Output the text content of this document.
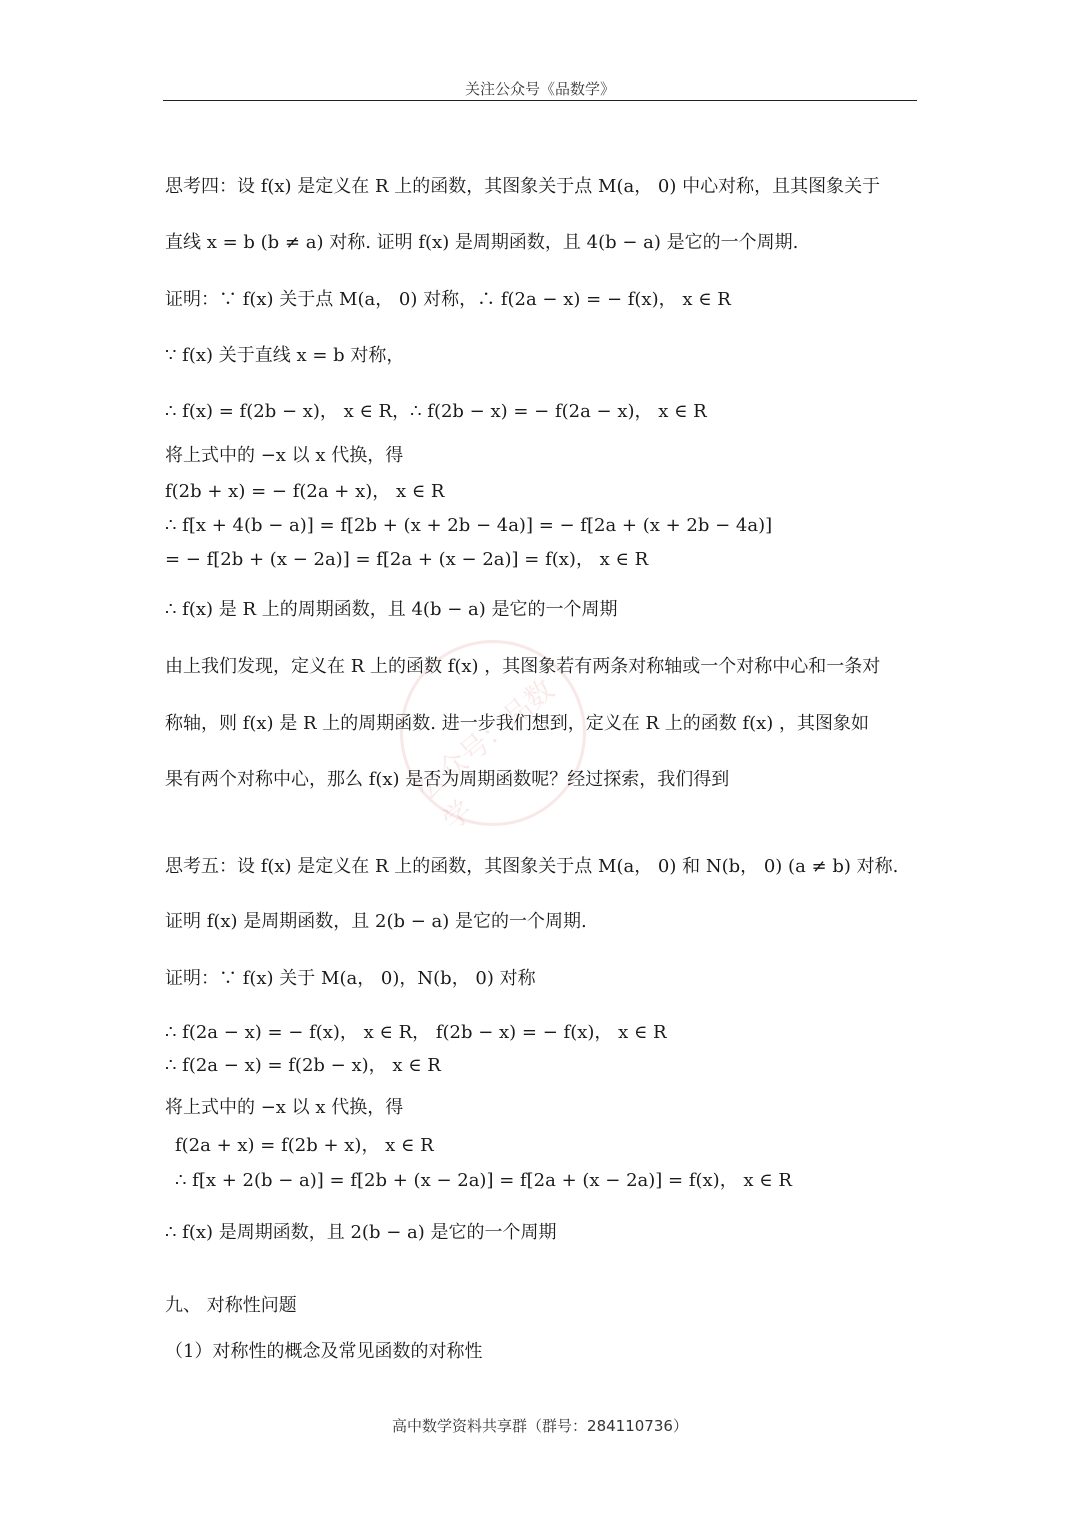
关注公众号《品数学》
公众号：品数学
思考四：设 f(x) 是定义在 R 上的函数，其图象关于点 M(a， 0) 中心对称，且其图象关于
直线 x = b (b ≠ a) 对称. 证明 f(x) 是周期函数，且 4(b − a) 是它的一个周期.
证明：∵ f(x) 关于点 M(a， 0) 对称，∴ f(2a − x) = − f(x)， x ∈ R
∵ f(x) 关于直线 x = b 对称，
∴ f(x) = f(2b − x)， x ∈ R，∴ f(2b − x) = − f(2a − x)， x ∈ R
将上式中的 −x 以 x 代换，得
f(2b + x) = − f(2a + x)， x ∈ R
∴ f[x + 4(b − a)] = f[2b + (x + 2b − 4a)] = − f[2a + (x + 2b − 4a)]
= − f[2b + (x − 2a)] = f[2a + (x − 2a)] = f(x)， x ∈ R
∴ f(x) 是 R 上的周期函数，且 4(b − a) 是它的一个周期
由上我们发现，定义在 R 上的函数 f(x) ，其图象若有两条对称轴或一个对称中心和一条对
称轴，则 f(x) 是 R 上的周期函数. 进一步我们想到，定义在 R 上的函数 f(x) ，其图象如
果有两个对称中心，那么 f(x) 是否为周期函数呢？经过探索，我们得到
思考五：设 f(x) 是定义在 R 上的函数，其图象关于点 M(a， 0) 和 N(b， 0) (a ≠ b) 对称.
证明 f(x) 是周期函数，且 2(b − a) 是它的一个周期.
证明：∵ f(x) 关于 M(a， 0)，N(b， 0) 对称
∴ f(2a − x) = − f(x)， x ∈ R， f(2b − x) = − f(x)， x ∈ R
∴ f(2a − x) = f(2b − x)， x ∈ R
将上式中的 −x 以 x 代换，得
f(2a + x) = f(2b + x)， x ∈ R
∴ f[x + 2(b − a)] = f[2b + (x − 2a)] = f[2a + (x − 2a)] = f(x)， x ∈ R
∴ f(x) 是周期函数，且 2(b − a) 是它的一个周期
九、 对称性问题
（1）对称性的概念及常见函数的对称性
高中数学资料共享群（群号：284110736）
